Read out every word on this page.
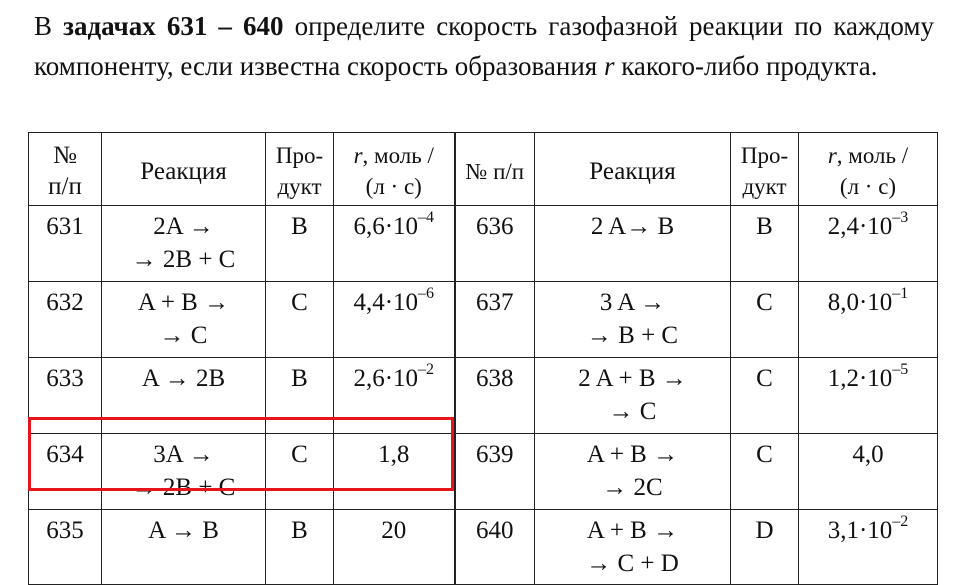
В задачах 631 – 640 определите скорость газофазной реакции по каждому компоненту, если известна скорость образования r какого-либо продукта.
№
п/п	Реакция	Про-
дукт	r, моль /
(л · с)	№ п/п	Реакция	Про-
дукт	r, моль /
(л · с)

631	2A →
→ 2B + C	B	$6,6\cdot 10^{-4}$	636	2 A→ B	B	$2,4\cdot 10^{-3}$
632	A + B →
→ C	C	$4,4\cdot 10^{-6}$	637	3 A →
→ B + C	C	$8,0\cdot 10^{-1}$
633	A → 2B	B	$2,6\cdot 10^{-2}$	638	2 A + B →
→ C	C	$1,2\cdot 10^{-5}$
634	3A →
→ 2B + C	C	1,8	639	A + B →
→ 2C	C	4,0
635	A → B	B	20	640	A + B →
→ C + D	D	$3,1\cdot 10^{-2}$
